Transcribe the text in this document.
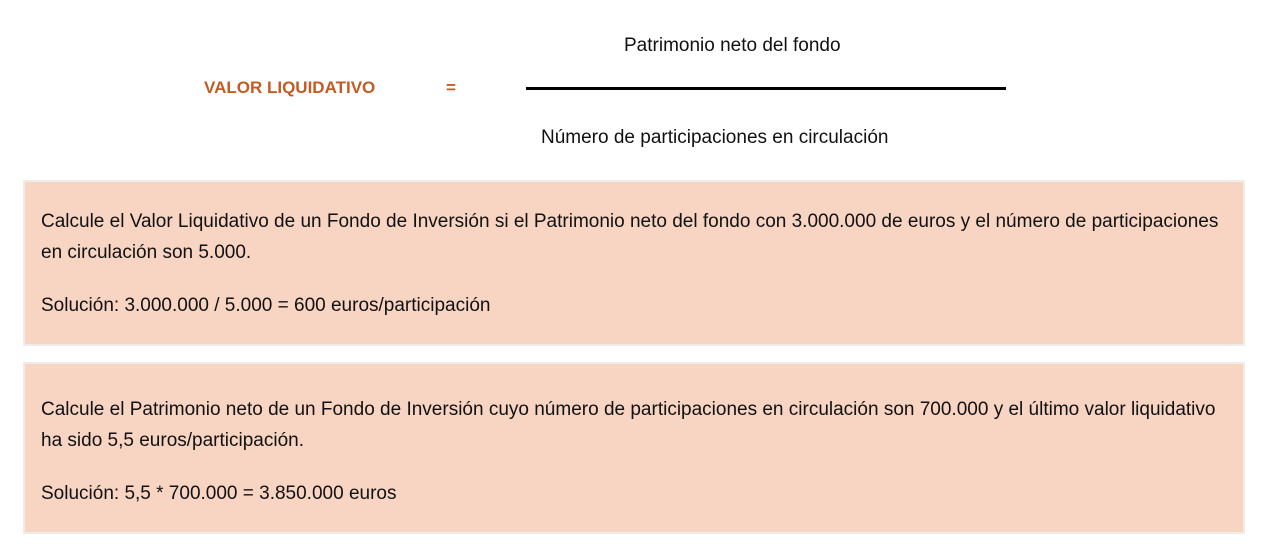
VALOR LIQUIDATIVO	=
Patrimonio neto del fondo
Número de participaciones en circulación

Calcule el Valor Liquidativo de un Fondo de Inversión si el Patrimonio neto del fondo con 3.000.000 de euros y el número de participaciones en circulación son 5.000.

Solución: 3.000.000 / 5.000 = 600 euros/participación

Calcule el Patrimonio neto de un Fondo de Inversión cuyo número de participaciones en circulación son 700.000 y el último valor liquidativo ha sido 5,5 euros/participación.

Solución: 5,5 * 700.000 = 3.850.000 euros
